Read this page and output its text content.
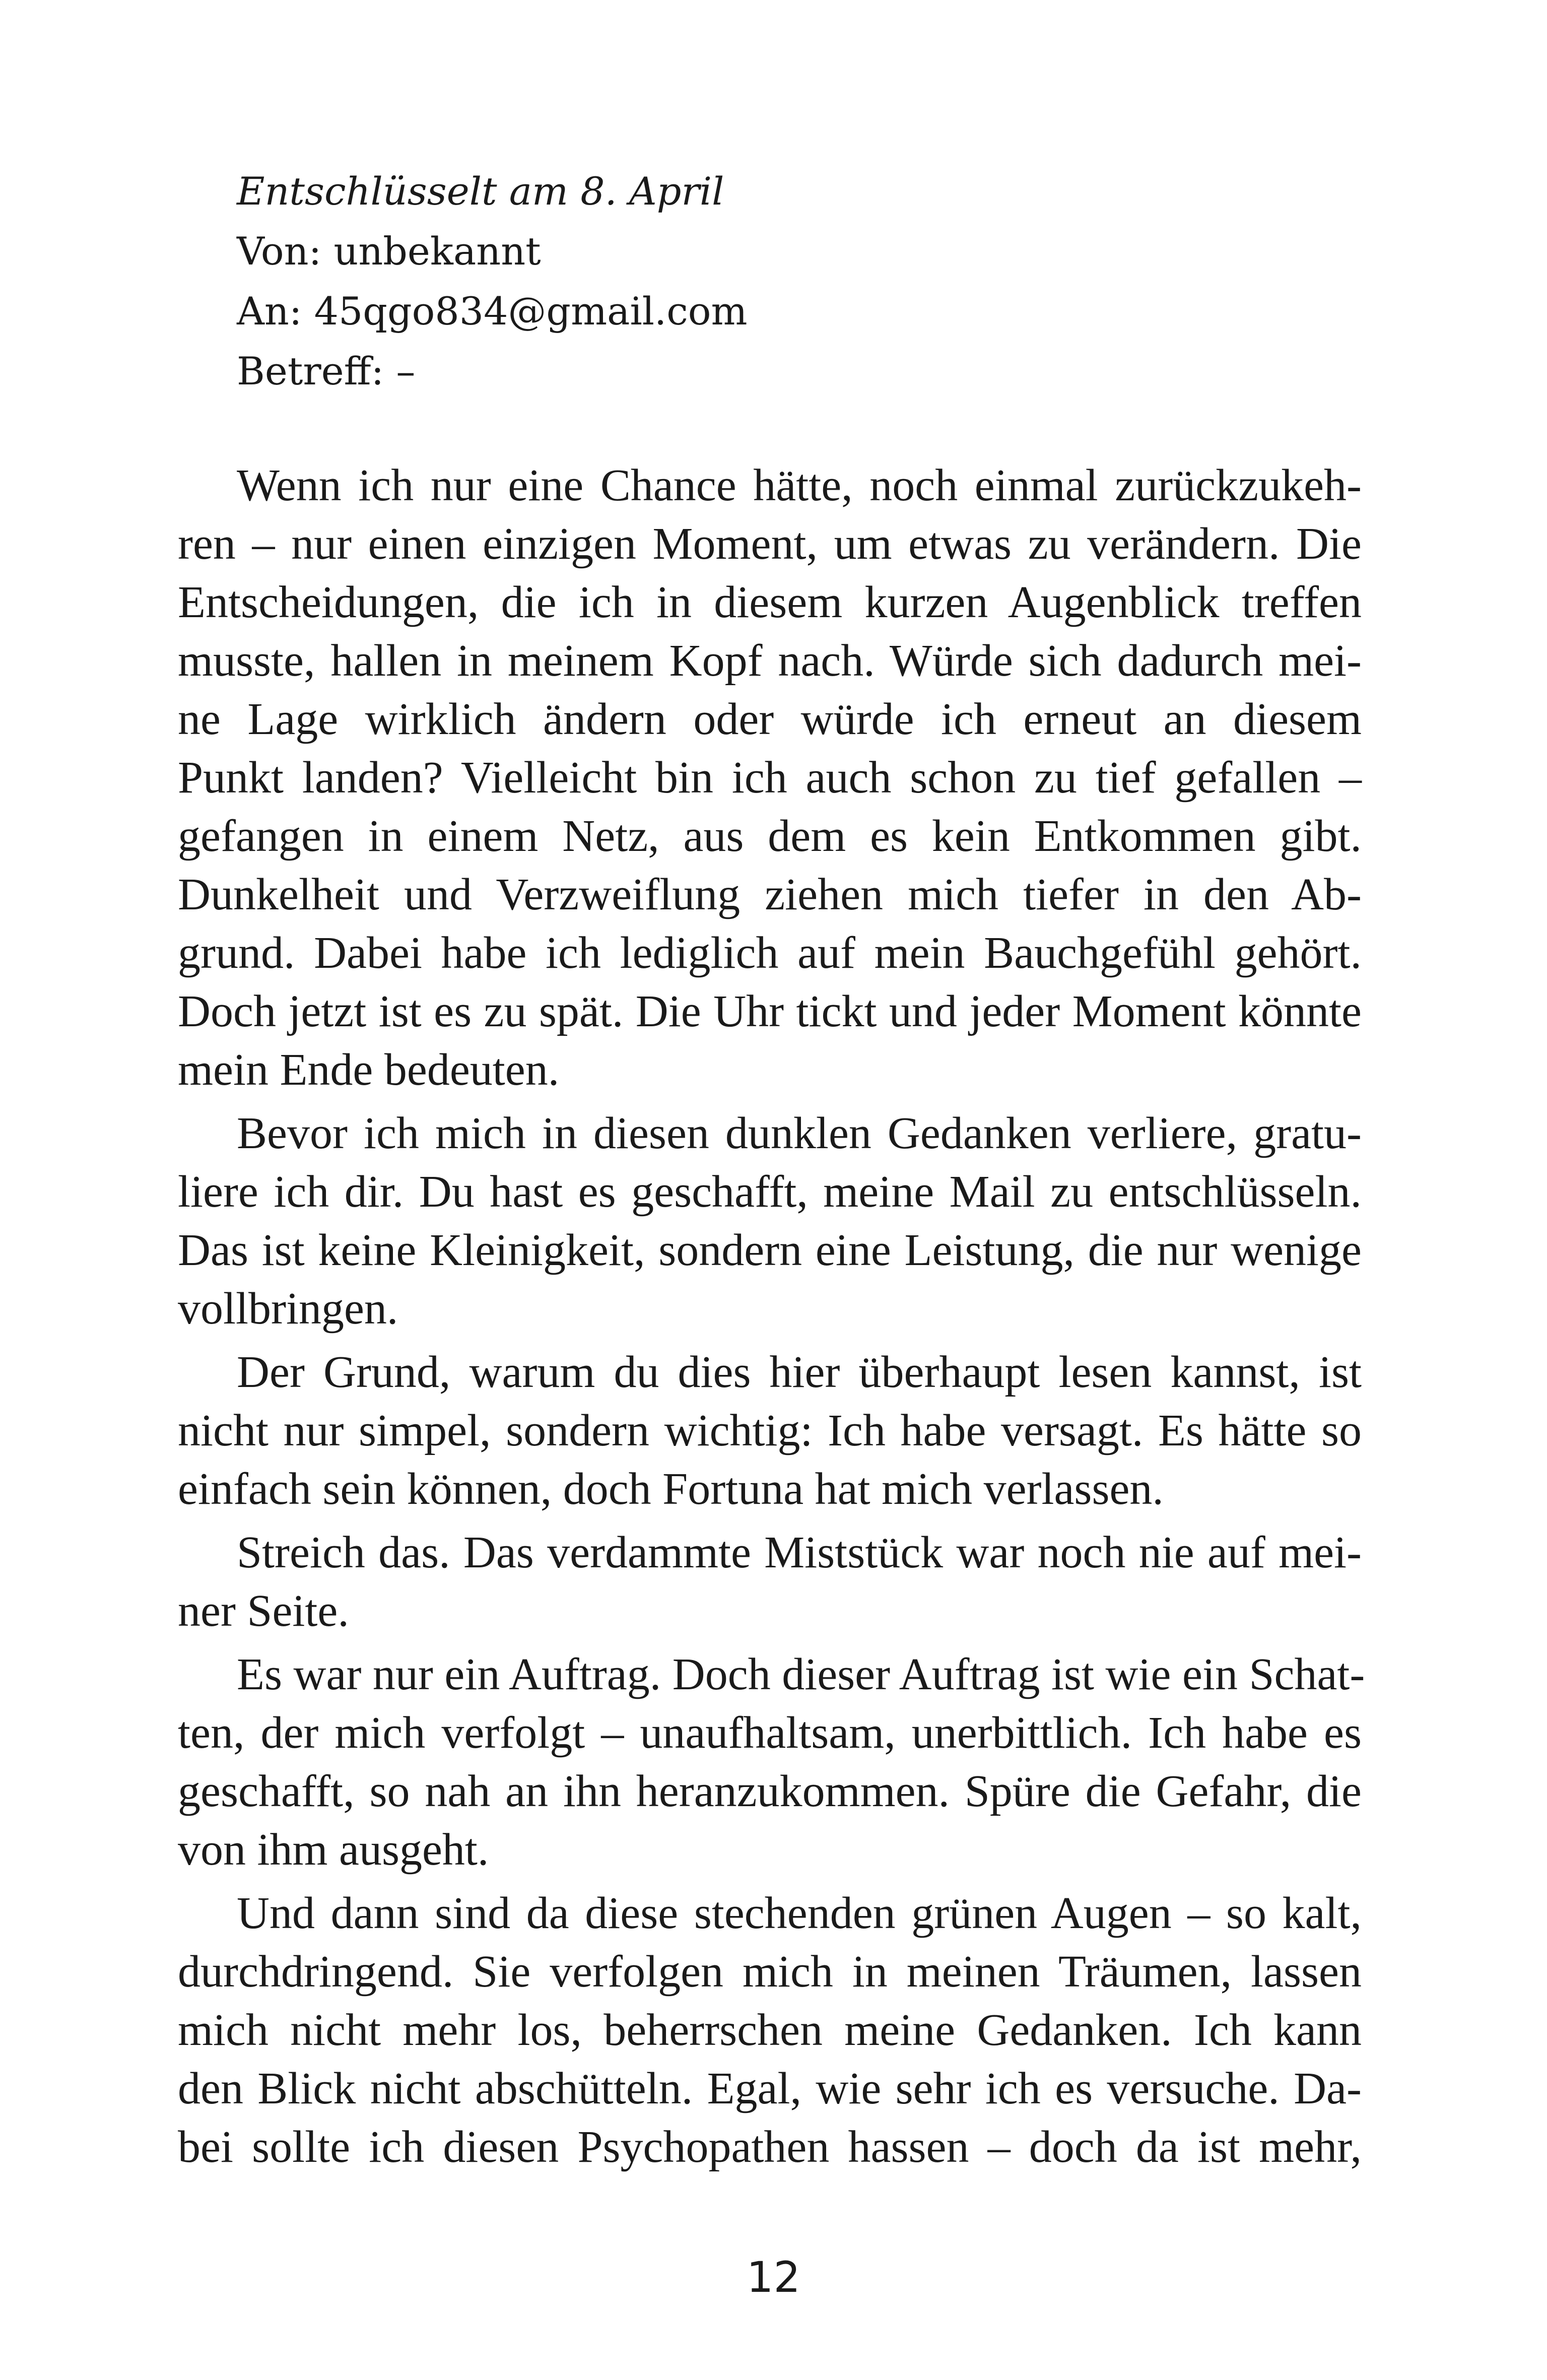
Entschlüsselt am 8. April
Von: unbekannt
An: 45qgo834@gmail.com
Betreff: –
Wenn ich nur eine Chance hätte, noch einmal zurückzukeh-
ren – nur einen einzigen Moment, um etwas zu verändern. Die
Entscheidungen, die ich in diesem kurzen Augenblick treffen
musste, hallen in meinem Kopf nach. Würde sich dadurch mei-
ne Lage wirklich ändern oder würde ich erneut an diesem
Punkt landen? Vielleicht bin ich auch schon zu tief gefallen –
gefangen in einem Netz, aus dem es kein Entkommen gibt.
Dunkelheit und Verzweiflung ziehen mich tiefer in den Ab-
grund. Dabei habe ich lediglich auf mein Bauchgefühl gehört.
Doch jetzt ist es zu spät. Die Uhr tickt und jeder Moment könnte
mein Ende bedeuten.
Bevor ich mich in diesen dunklen Gedanken verliere, gratu-
liere ich dir. Du hast es geschafft, meine Mail zu entschlüsseln.
Das ist keine Kleinigkeit, sondern eine Leistung, die nur wenige
vollbringen.
Der Grund, warum du dies hier überhaupt lesen kannst, ist
nicht nur simpel, sondern wichtig: Ich habe versagt. Es hätte so
einfach sein können, doch Fortuna hat mich verlassen.
Streich das. Das verdammte Miststück war noch nie auf mei-
ner Seite.
Es war nur ein Auftrag. Doch dieser Auftrag ist wie ein Schat-
ten, der mich verfolgt – unaufhaltsam, unerbittlich. Ich habe es
geschafft, so nah an ihn heranzukommen. Spüre die Gefahr, die
von ihm ausgeht.
Und dann sind da diese stechenden grünen Augen – so kalt,
durchdringend. Sie verfolgen mich in meinen Träumen, lassen
mich nicht mehr los, beherrschen meine Gedanken. Ich kann
den Blick nicht abschütteln. Egal, wie sehr ich es versuche. Da-
bei sollte ich diesen Psychopathen hassen – doch da ist mehr,
12
